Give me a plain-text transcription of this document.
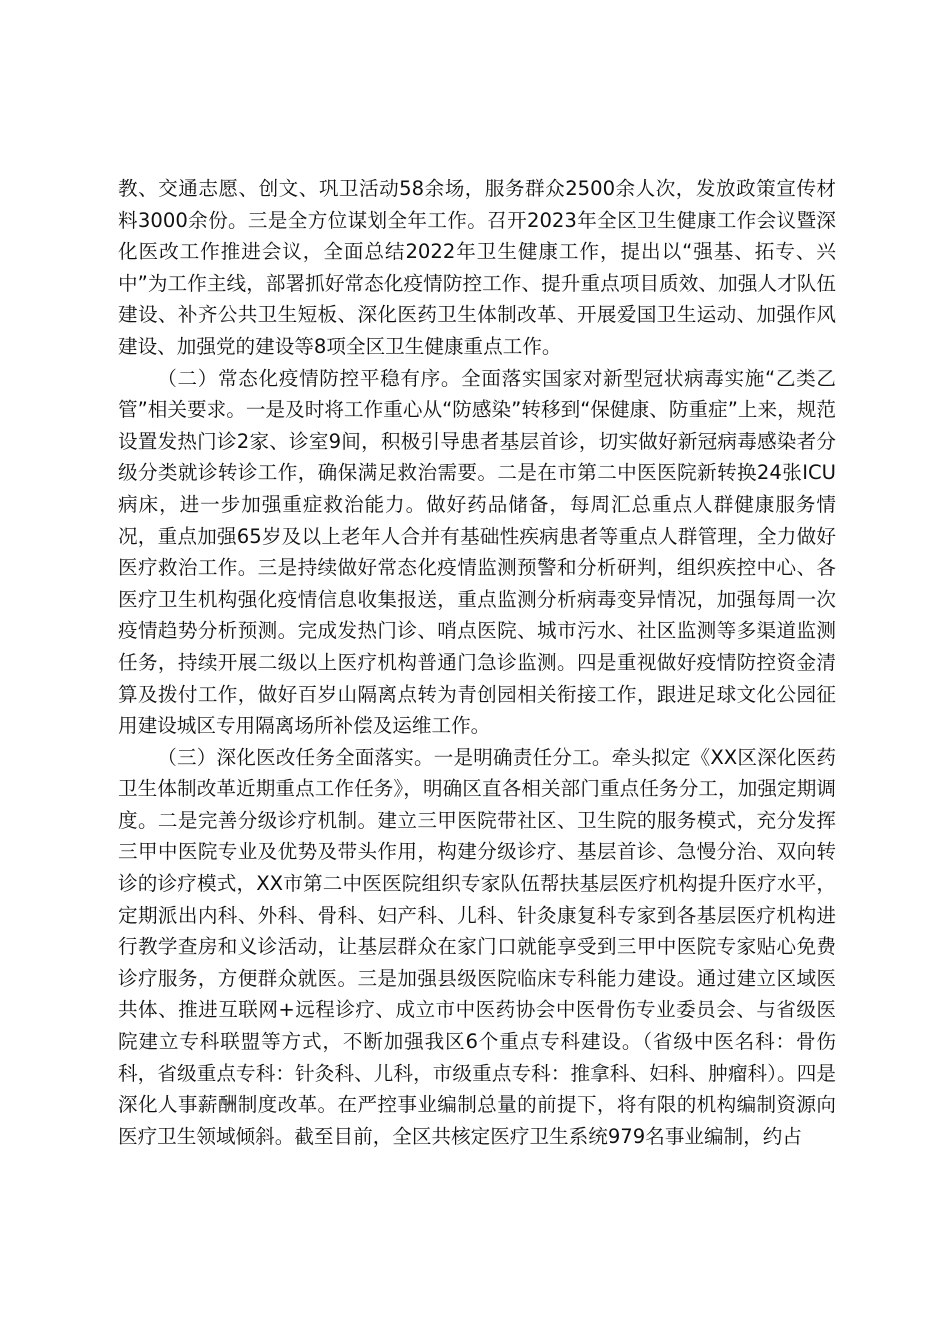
教、交通志愿、创文、巩卫活动58余场，服务群众2500余人次，发放政策宣传材料3000余份。三是全方位谋划全年工作。召开2023年全区卫生健康工作会议暨深化医改工作推进会议，全面总结2022年卫生健康工作，提出以“强基、拓专、兴中”为工作主线，部署抓好常态化疫情防控工作、提升重点项目质效、加强人才队伍建设、补齐公共卫生短板、深化医药卫生体制改革、开展爱国卫生运动、加强作风建设、加强党的建设等8项全区卫生健康重点工作。

（二）常态化疫情防控平稳有序。全面落实国家对新型冠状病毒实施“乙类乙管”相关要求。一是及时将工作重心从“防感染”转移到“保健康、防重症”上来，规范设置发热门诊2家、诊室9间，积极引导患者基层首诊，切实做好新冠病毒感染者分级分类就诊转诊工作，确保满足救治需要。二是在市第二中医医院新转换24张ICU病床，进一步加强重症救治能力。做好药品储备，每周汇总重点人群健康服务情况，重点加强65岁及以上老年人合并有基础性疾病患者等重点人群管理，全力做好医疗救治工作。三是持续做好常态化疫情监测预警和分析研判，组织疾控中心、各医疗卫生机构强化疫情信息收集报送，重点监测分析病毒变异情况，加强每周一次疫情趋势分析预测。完成发热门诊、哨点医院、城市污水、社区监测等多渠道监测任务，持续开展二级以上医疗机构普通门急诊监测。四是重视做好疫情防控资金清算及拨付工作，做好百岁山隔离点转为青创园相关衔接工作，跟进足球文化公园征用建设城区专用隔离场所补偿及运维工作。

（三）深化医改任务全面落实。一是明确责任分工。牵头拟定《XX区深化医药卫生体制改革近期重点工作任务》，明确区直各相关部门重点任务分工，加强定期调度。二是完善分级诊疗机制。建立三甲医院带社区、卫生院的服务模式，充分发挥三甲中医院专业及优势及带头作用，构建分级诊疗、基层首诊、急慢分治、双向转诊的诊疗模式，XX市第二中医医院组织专家队伍帮扶基层医疗机构提升医疗水平，定期派出内科、外科、骨科、妇产科、儿科、针灸康复科专家到各基层医疗机构进行教学查房和义诊活动，让基层群众在家门口就能享受到三甲中医院专家贴心免费诊疗服务，方便群众就医。三是加强县级医院临床专科能力建设。通过建立区域医共体、推进互联网+远程诊疗、成立市中医药协会中医骨伤专业委员会、与省级医院建立专科联盟等方式，不断加强我区6个重点专科建设。（省级中医名科：骨伤科，省级重点专科：针灸科、儿科，市级重点专科：推拿科、妇科、肿瘤科）。四是深化人事薪酬制度改革。在严控事业编制总量的前提下，将有限的机构编制资源向医疗卫生领域倾斜。截至目前，全区共核定医疗卫生系统979名事业编制，约占
